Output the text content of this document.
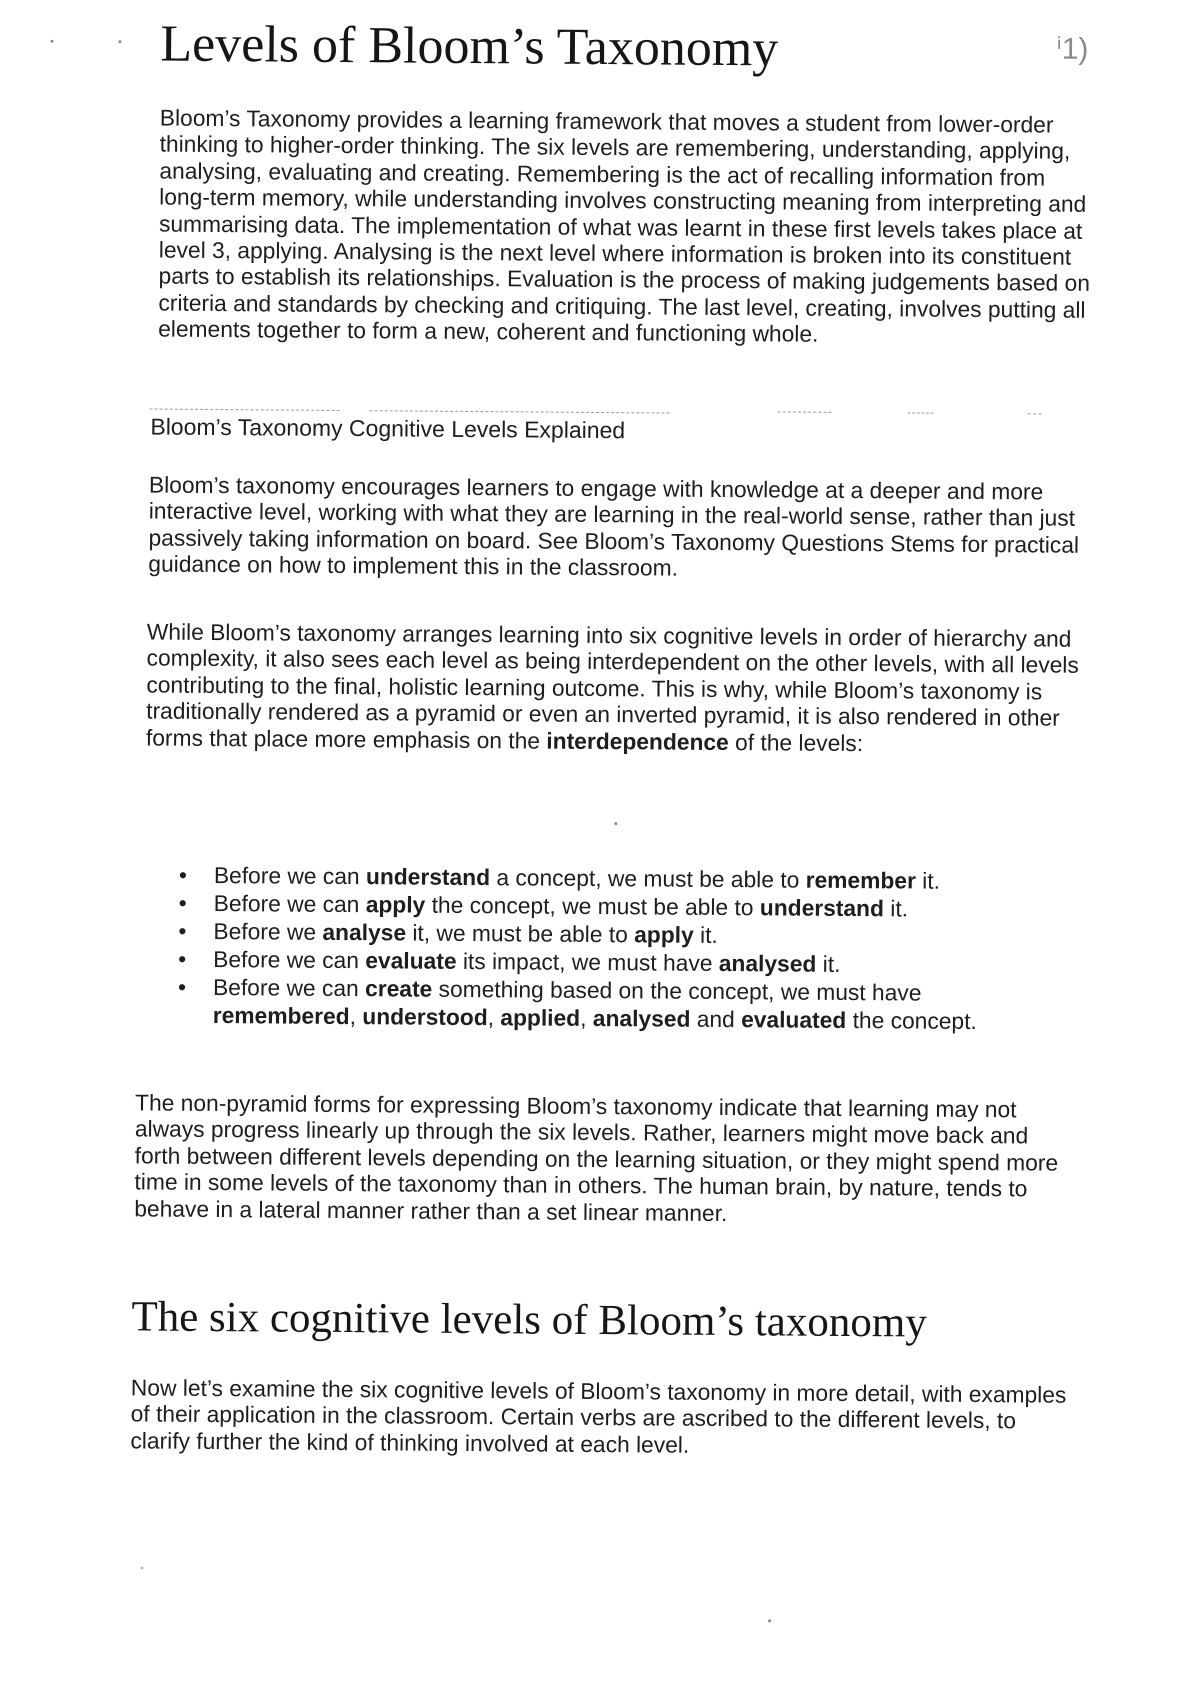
Levels of Bloom’s Taxonomy	ⁱ1)

Bloom’s Taxonomy provides a learning framework that moves a student from lower-order thinking to higher-order thinking. The six levels are remembering, understanding, applying, analysing, evaluating and creating. Remembering is the act of recalling information from long-term memory, while understanding involves constructing meaning from interpreting and summarising data. The implementation of what was learnt in these first levels takes place at level 3, applying. Analysing is the next level where information is broken into its constituent parts to establish its relationships. Evaluation is the process of making judgements based on criteria and standards by checking and critiquing. The last level, creating, involves putting all elements together to form a new, coherent and functioning whole.

Bloom’s Taxonomy Cognitive Levels Explained

Bloom’s taxonomy encourages learners to engage with knowledge at a deeper and more interactive level, working with what they are learning in the real-world sense, rather than just passively taking information on board. See Bloom’s Taxonomy Questions Stems for practical guidance on how to implement this in the classroom.

While Bloom’s taxonomy arranges learning into six cognitive levels in order of hierarchy and complexity, it also sees each level as being interdependent on the other levels, with all levels contributing to the final, holistic learning outcome. This is why, while Bloom’s taxonomy is traditionally rendered as a pyramid or even an inverted pyramid, it is also rendered in other forms that place more emphasis on the interdependence of the levels:

• Before we can understand a concept, we must be able to remember it.
• Before we can apply the concept, we must be able to understand it.
• Before we analyse it, we must be able to apply it.
• Before we can evaluate its impact, we must have analysed it.
• Before we can create something based on the concept, we must have remembered, understood, applied, analysed and evaluated the concept.

The non-pyramid forms for expressing Bloom’s taxonomy indicate that learning may not always progress linearly up through the six levels. Rather, learners might move back and forth between different levels depending on the learning situation, or they might spend more time in some levels of the taxonomy than in others. The human brain, by nature, tends to behave in a lateral manner rather than a set linear manner.

The six cognitive levels of Bloom’s taxonomy

Now let’s examine the six cognitive levels of Bloom’s taxonomy in more detail, with examples of their application in the classroom. Certain verbs are ascribed to the different levels, to clarify further the kind of thinking involved at each level.
